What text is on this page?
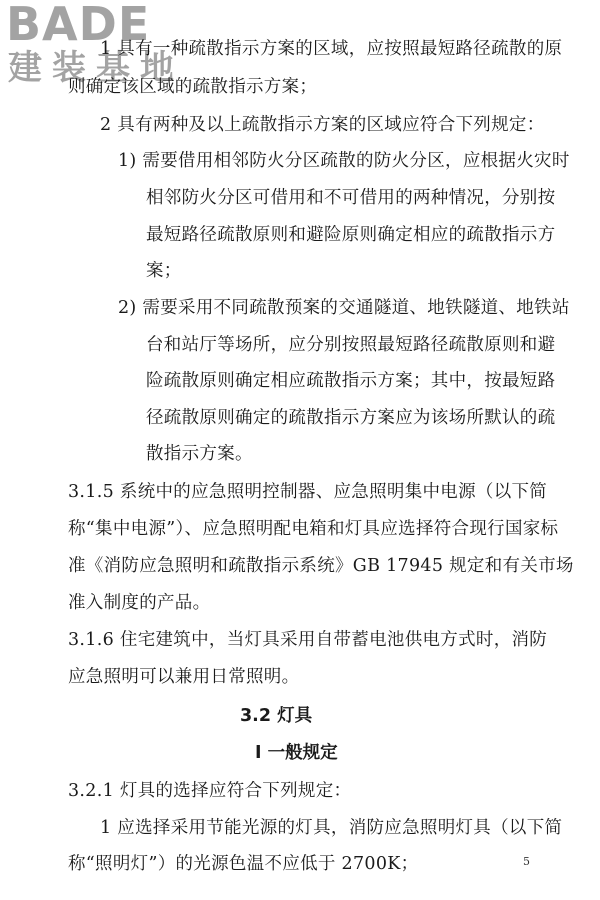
BADE
建装基地
1 具有一种疏散指示方案的区域，应按照最短路径疏散的原
则确定该区域的疏散指示方案；
2 具有两种及以上疏散指示方案的区域应符合下列规定：
1) 需要借用相邻防火分区疏散的防火分区，应根据火灾时
相邻防火分区可借用和不可借用的两种情况，分别按
最短路径疏散原则和避险原则确定相应的疏散指示方
案；
2) 需要采用不同疏散预案的交通隧道、地铁隧道、地铁站
台和站厅等场所，应分别按照最短路径疏散原则和避
险疏散原则确定相应疏散指示方案；其中，按最短路
径疏散原则确定的疏散指示方案应为该场所默认的疏
散指示方案。
3.1.5 系统中的应急照明控制器、应急照明集中电源（以下简
称“集中电源”）、应急照明配电箱和灯具应选择符合现行国家标
准《消防应急照明和疏散指示系统》GB 17945 规定和有关市场
准入制度的产品。
3.1.6 住宅建筑中，当灯具采用自带蓄电池供电方式时，消防
应急照明可以兼用日常照明。
3.2 灯具
Ⅰ 一般规定
3.2.1 灯具的选择应符合下列规定：
1 应选择采用节能光源的灯具，消防应急照明灯具（以下简
称“照明灯”）的光源色温不应低于 2700K；	5
